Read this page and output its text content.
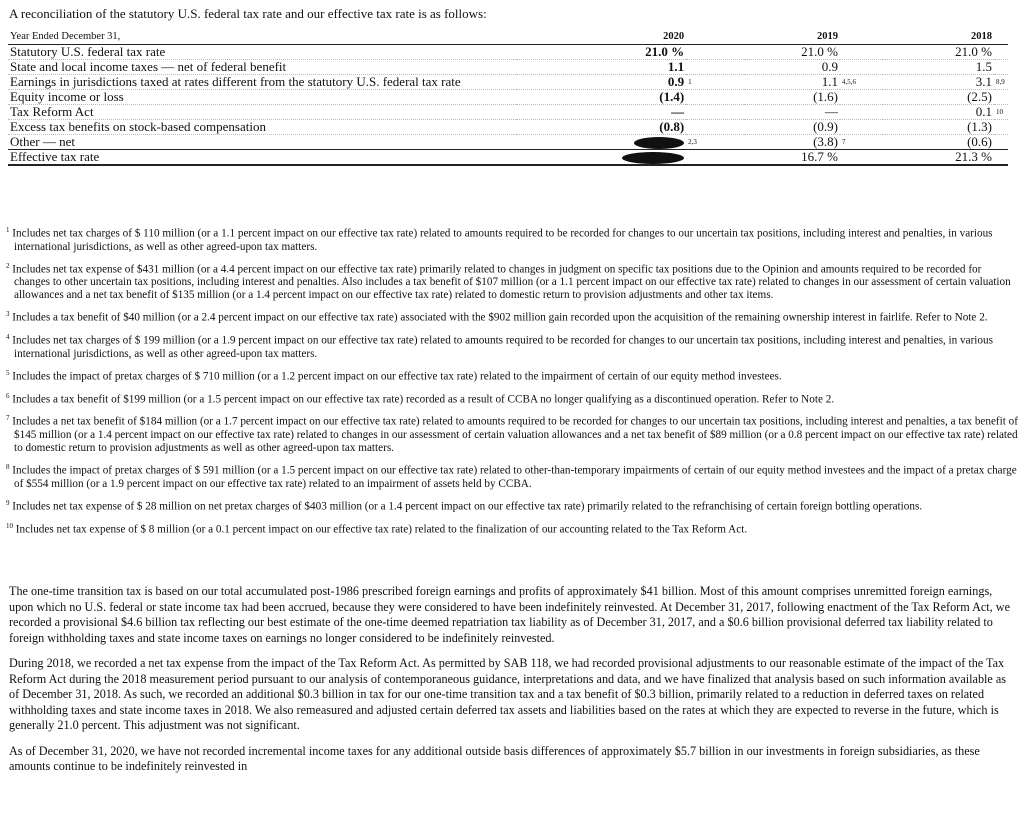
A reconciliation of the statutory U.S. federal tax rate and our effective tax rate is as follows:
Year Ended December 31,	2020		2019		2018	
Statutory U.S. federal tax rate	21.0 %		21.0 %		21.0 %	
State and local income taxes — net of federal benefit	1.1		0.9		1.5	
Earnings in jurisdictions taxed at rates different from the statutory U.S. federal tax rate	0.9	1	1.1	4,5,6	3.1	8,9
Equity income or loss	(1.4)		(1.6)		(2.5)	
Tax Reform Act	—		—		0.1	10
Excess tax benefits on stock-based compensation	(0.8)		(0.9)		(1.3)	
Other — net		2,3	(3.8)	7	(0.6)	
Effective tax rate			16.7 %		21.3 %	
$^1$ Includes net tax charges of $ 110 million (or a 1.1 percent impact on our effective tax rate) related to amounts required to be recorded for changes to our uncertain tax positions, including interest and penalties, in various international jurisdictions, as well as other agreed-upon tax matters.
$^2$ Includes net tax expense of $431 million (or a 4.4 percent impact on our effective tax rate) primarily related to changes in judgment on specific tax positions due to the Opinion and amounts required to be recorded for changes to other uncertain tax positions, including interest and penalties. Also includes a tax benefit of $107 million (or a 1.1 percent impact on our effective tax rate) related to changes in our assessment of certain valuation allowances and a net tax benefit of $135 million (or a 1.4 percent impact on our effective tax rate) related to domestic return to provision adjustments and other tax items.
$^3$ Includes a tax benefit of $40 million (or a 2.4 percent impact on our effective tax rate) associated with the $902 million gain recorded upon the acquisition of the remaining ownership interest in fairlife. Refer to Note 2.
$^4$ Includes net tax charges of $ 199 million (or a 1.9 percent impact on our effective tax rate) related to amounts required to be recorded for changes to our uncertain tax positions, including interest and penalties, in various international jurisdictions, as well as other agreed-upon tax matters.
$^5$ Includes the impact of pretax charges of $ 710 million (or a 1.2 percent impact on our effective tax rate) related to the impairment of certain of our equity method investees.
$^6$ Includes a tax benefit of $199 million (or a 1.5 percent impact on our effective tax rate) recorded as a result of CCBA no longer qualifying as a discontinued operation. Refer to Note 2.
$^7$ Includes a net tax benefit of $184 million (or a 1.7 percent impact on our effective tax rate) related to amounts required to be recorded for changes to our uncertain tax positions, including interest and penalties, a tax benefit of $145 million (or a 1.4 percent impact on our effective tax rate) related to changes in our assessment of certain valuation allowances and a net tax benefit of $89 million (or a 0.8 percent impact on our effective tax rate) related to domestic return to provision adjustments as well as other agreed-upon tax matters.
$^8$ Includes the impact of pretax charges of $ 591 million (or a 1.5 percent impact on our effective tax rate) related to other-than-temporary impairments of certain of our equity method investees and the impact of a pretax charge of $554 million (or a 1.9 percent impact on our effective tax rate) related to an impairment of assets held by CCBA.
$^9$ Includes net tax expense of $ 28 million on net pretax charges of $403 million (or a 1.4 percent impact on our effective tax rate) primarily related to the refranchising of certain foreign bottling operations.
$^{10}$ Includes net tax expense of $ 8 million (or a 0.1 percent impact on our effective tax rate) related to the finalization of our accounting related to the Tax Reform Act.

The one-time transition tax is based on our total accumulated post-1986 prescribed foreign earnings and profits of approximately $41 billion. Most of this amount comprises unremitted foreign earnings, upon which no U.S. federal or state income tax had been accrued, because they were considered to have been indefinitely reinvested. At December 31, 2017, following enactment of the Tax Reform Act, we recorded a provisional $4.6 billion tax reflecting our best estimate of the one-time deemed repatriation tax liability as of December 31, 2017, and a $0.6 billion provisional deferred tax liability related to foreign withholding taxes and state income taxes on earnings no longer considered to be indefinitely reinvested.

During 2018, we recorded a net tax expense from the impact of the Tax Reform Act. As permitted by SAB 118, we had recorded provisional adjustments to our reasonable estimate of the impact of the Tax Reform Act during the 2018 measurement period pursuant to our analysis of contemporaneous guidance, interpretations and data, and we have finalized that analysis based on such information available as of December 31, 2018. As such, we recorded an additional $0.3 billion in tax for our one-time transition tax and a tax benefit of $0.3 billion, primarily related to a reduction in deferred taxes on related withholding taxes and state income taxes in 2018. We also remeasured and adjusted certain deferred tax assets and liabilities based on the rates at which they are expected to reverse in the future, which is generally 21.0 percent. This adjustment was not significant.

As of December 31, 2020, we have not recorded incremental income taxes for any additional outside basis differences of approximately $5.7 billion in our investments in foreign subsidiaries, as these amounts continue to be indefinitely reinvested in
